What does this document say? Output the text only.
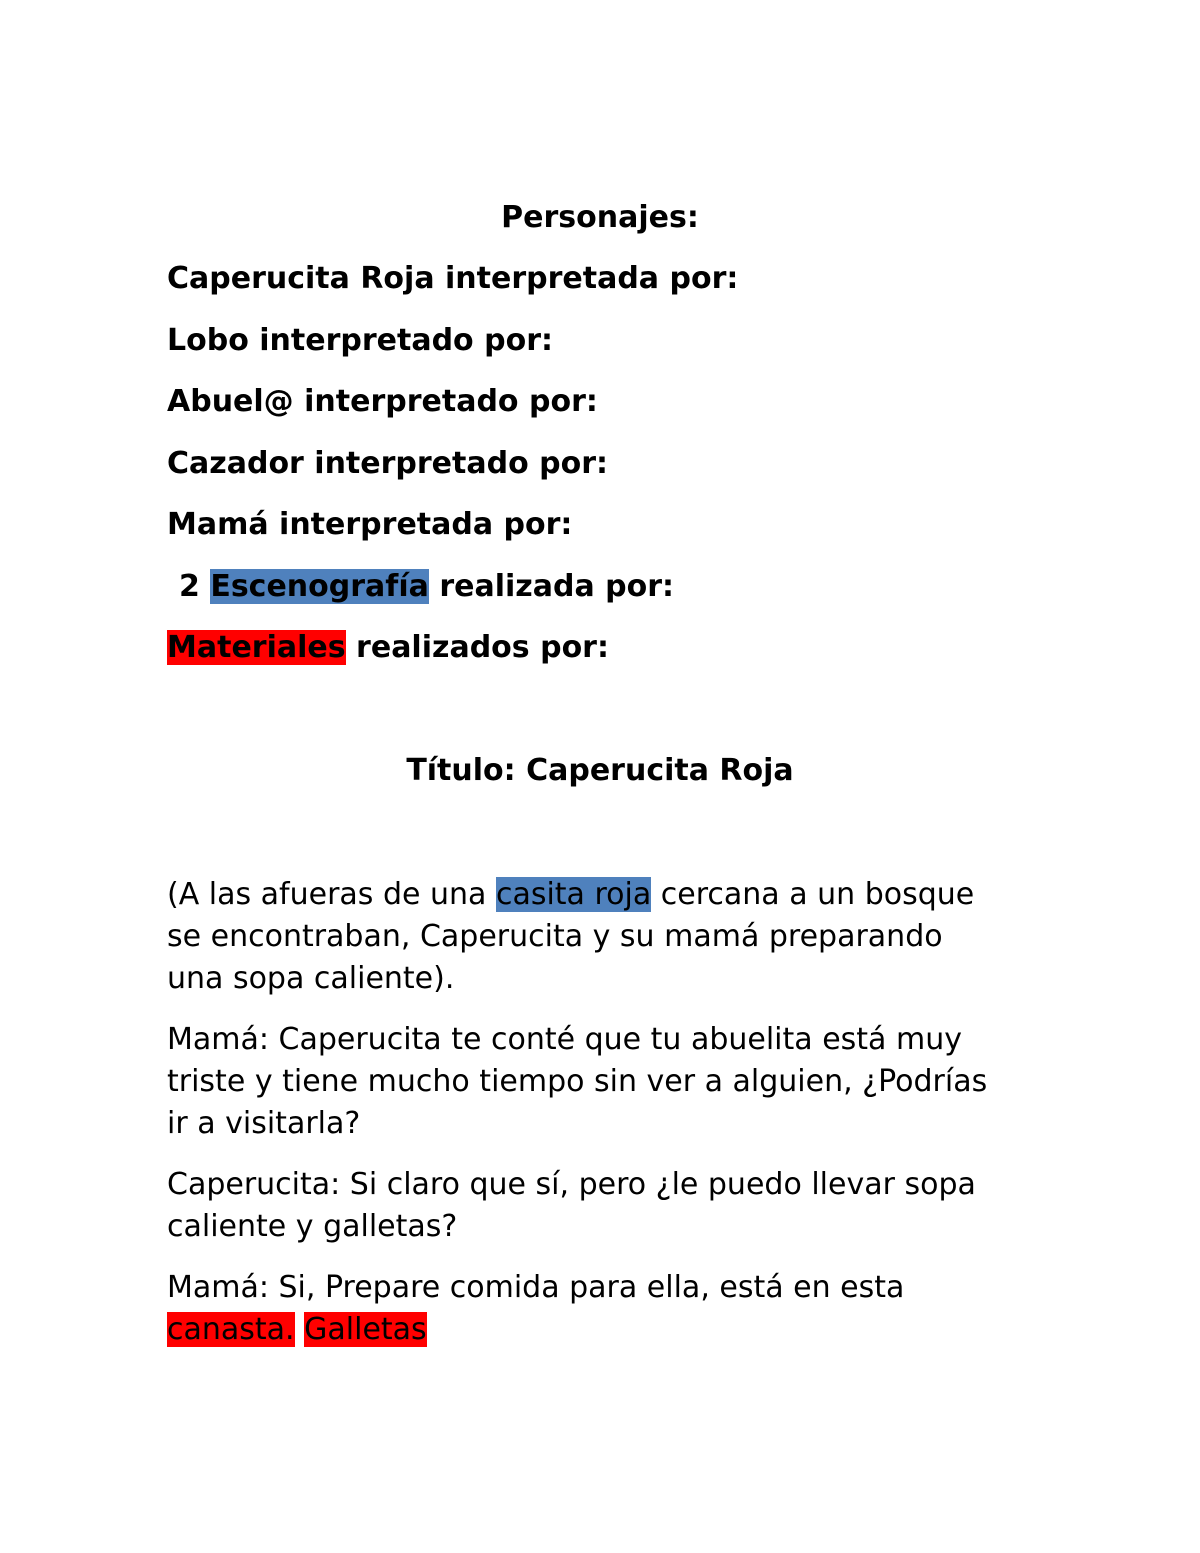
Personajes:
Caperucita Roja interpretada por:
Lobo interpretado por:
Abuel@ interpretado por:
Cazador interpretado por:
Mamá interpretada por:
2 Escenografía realizada por:
Materiales realizados por:
Título: Caperucita Roja
(A las afueras de una casita roja cercana a un bosque
se encontraban, Caperucita y su mamá preparando
una sopa caliente).
Mamá: Caperucita te conté que tu abuelita está muy
triste y tiene mucho tiempo sin ver a alguien, ¿Podrías
ir a visitarla?
Caperucita: Si claro que sí, pero ¿le puedo llevar sopa
caliente y galletas?
Mamá: Si, Prepare comida para ella, está en esta
canasta. Galletas
